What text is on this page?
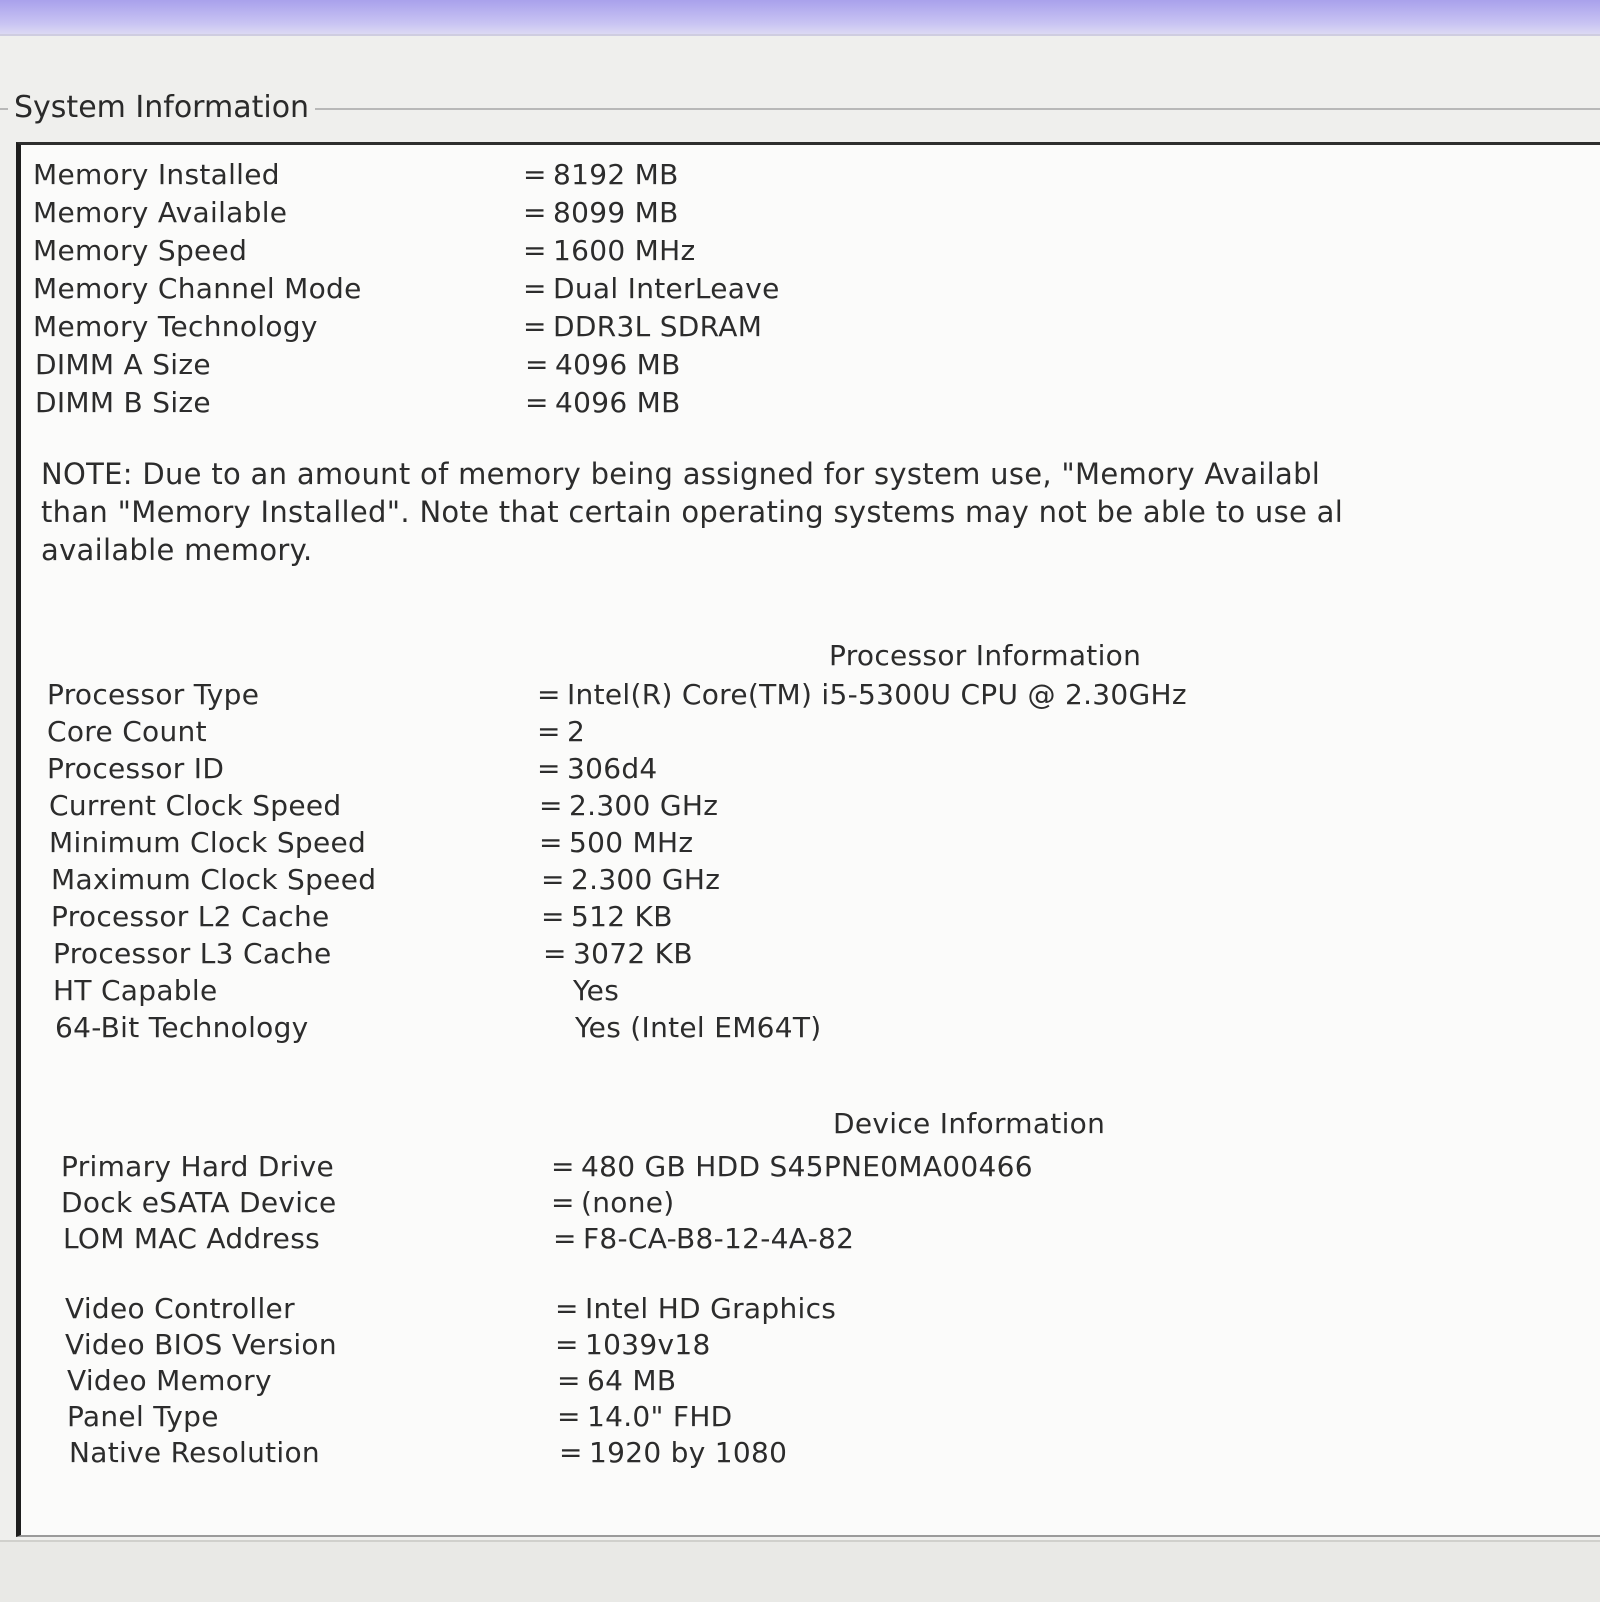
System Information
Memory Installed	= 8192 MB
Memory Available	= 8099 MB
Memory Speed	= 1600 MHz
Memory Channel Mode	= Dual InterLeave
Memory Technology	= DDR3L SDRAM
DIMM A Size	= 4096 MB
DIMM B Size	= 4096 MB
NOTE: Due to an amount of memory being assigned for system use, "Memory Availabl
than "Memory Installed". Note that certain operating systems may not be able to use al
available memory.
Processor Information
Processor Type	= Intel(R) Core(TM) i5-5300U CPU @ 2.30GHz
Core Count	= 2
Processor ID	= 306d4
Current Clock Speed	= 2.300 GHz
Minimum Clock Speed	= 500 MHz
Maximum Clock Speed	= 2.300 GHz
Processor L2 Cache	= 512 KB
Processor L3 Cache	= 3072 KB
HT Capable	Yes
64-Bit Technology	Yes (Intel EM64T)
Device Information
Primary Hard Drive	= 480 GB HDD S45PNE0MA00466
Dock eSATA Device	= (none)
LOM MAC Address	= F8-CA-B8-12-4A-82
Video Controller	= Intel HD Graphics
Video BIOS Version	= 1039v18
Video Memory	= 64 MB
Panel Type	= 14.0" FHD
Native Resolution	= 1920 by 1080
